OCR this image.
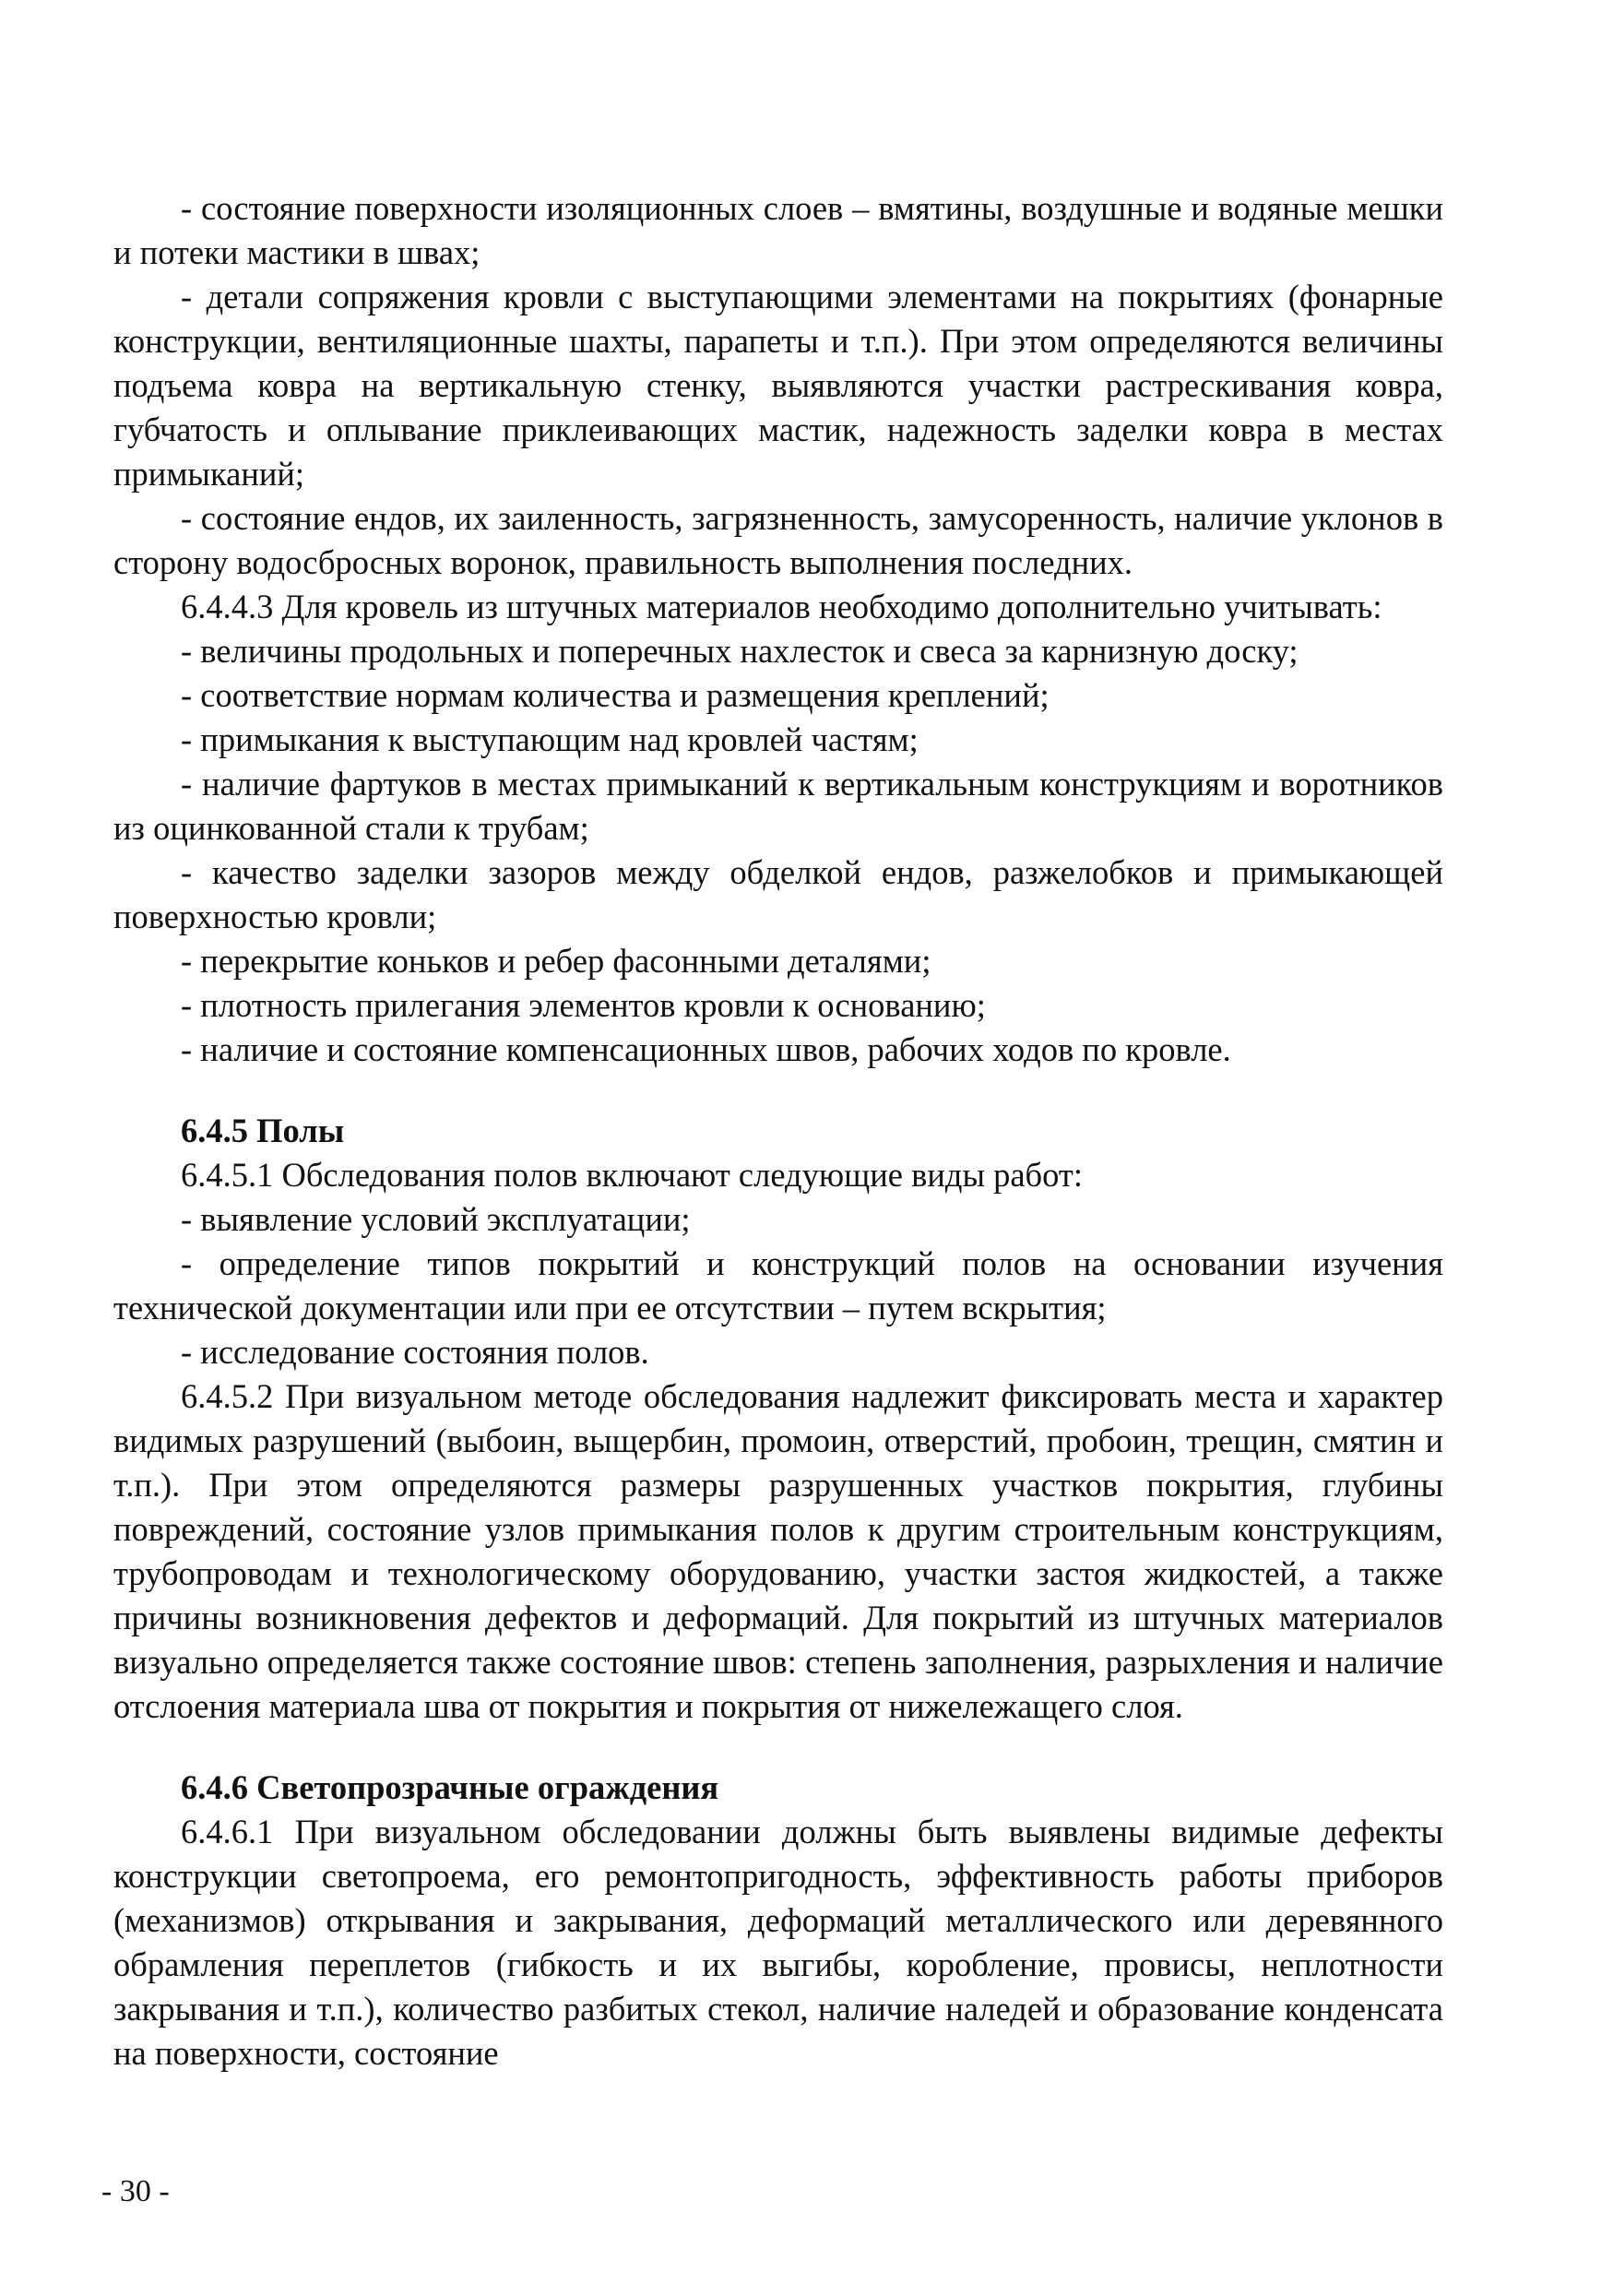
- состояние поверхности изоляционных слоев – вмятины, воздушные и водяные мешки и потеки мастики в швах;

- детали сопряжения кровли с выступающими элементами на покрытиях (фонарные конструкции, вентиляционные шахты, парапеты и т.п.). При этом определяются величины подъема ковра на вертикальную стенку, выявляются участки растрескивания ковра, губчатость и оплывание приклеивающих мастик, надежность заделки ковра в местах примыканий;

- состояние ендов, их заиленность, загрязненность, замусоренность, наличие уклонов в сторону водосбросных воронок, правильность выполнения последних.

6.4.4.3 Для кровель из штучных материалов необходимо дополнительно учитывать:

- величины продольных и поперечных нахлесток и свеса за карнизную доску;

- соответствие нормам количества и размещения креплений;

- примыкания к выступающим над кровлей частям;

- наличие фартуков в местах примыканий к вертикальным конструкциям и воротников из оцинкованной стали к трубам;

- качество заделки зазоров между обделкой ендов, разжелобков и примыкающей поверхностью кровли;

- перекрытие коньков и ребер фасонными деталями;

- плотность прилегания элементов кровли к основанию;

- наличие и состояние компенсационных швов, рабочих ходов по кровле.

6.4.5 Полы

6.4.5.1 Обследования полов включают следующие виды работ:

- выявление условий эксплуатации;

- определение типов покрытий и конструкций полов на основании изучения технической документации или при ее отсутствии – путем вскрытия;

- исследование состояния полов.

6.4.5.2 При визуальном методе обследования надлежит фиксировать места и характер видимых разрушений (выбоин, выщербин, промоин, отверстий, пробоин, трещин, смятин и т.п.). При этом определяются размеры разрушенных участков покрытия, глубины повреждений, состояние узлов примыкания полов к другим строительным конструкциям, трубопроводам и технологическому оборудованию, участки застоя жидкостей, а также причины возникновения дефектов и деформаций. Для покрытий из штучных материалов визуально определяется также состояние швов: степень заполнения, разрыхления и наличие отслоения материала шва от покрытия и покрытия от нижележащего слоя.

6.4.6 Светопрозрачные ограждения

6.4.6.1 При визуальном обследовании должны быть выявлены видимые дефекты конструкции светопроема, его ремонтопригодность, эффективность работы приборов (механизмов) открывания и закрывания, деформаций металлического или деревянного обрамления переплетов (гибкость и их выгибы, коробление, провисы, неплотности закрывания и т.п.), количество разбитых стекол, наличие наледей и образование конденсата на поверхности, состояние

- 30 -
